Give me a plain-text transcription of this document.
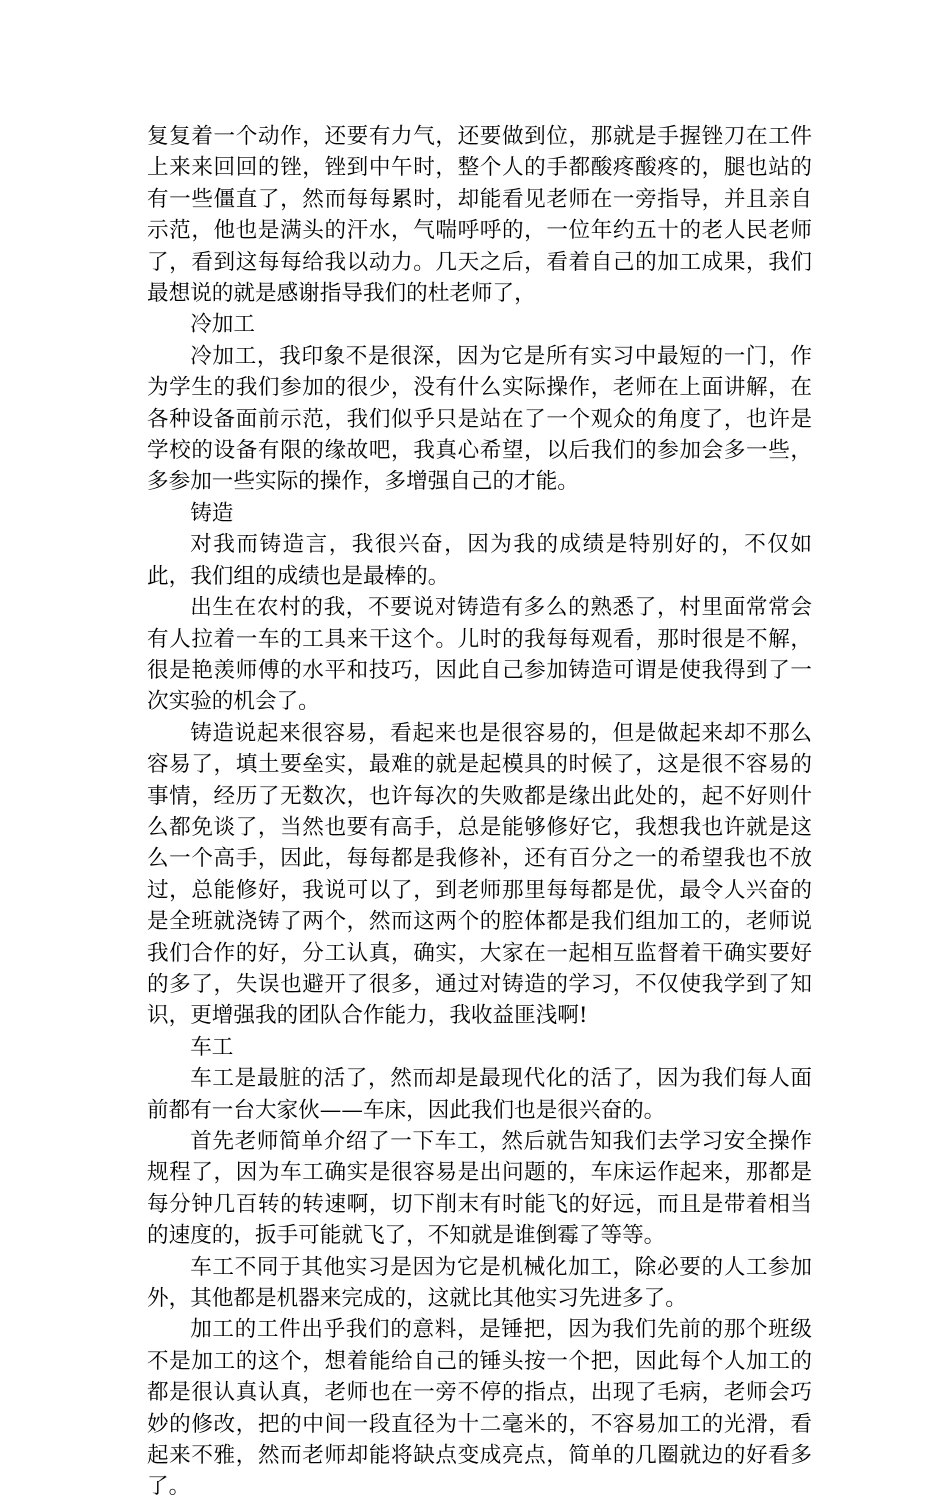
复复着一个动作，还要有力气，还要做到位，那就是手握锉刀在工件上来来回回的锉，锉到中午时，整个人的手都酸疼酸疼的，腿也站的有一些僵直了，然而每每累时，却能看见老师在一旁指导，并且亲自示范，他也是满头的汗水，气喘呼呼的，一位年约五十的老人民老师了，看到这每每给我以动力。几天之后，看着自己的加工成果，我们最想说的就是感谢指导我们的杜老师了，

冷加工

冷加工，我印象不是很深，因为它是所有实习中最短的一门，作为学生的我们参加的很少，没有什么实际操作，老师在上面讲解，在各种设备面前示范，我们似乎只是站在了一个观众的角度了，也许是学校的设备有限的缘故吧，我真心希望，以后我们的参加会多一些，多参加一些实际的操作，多增强自己的才能。

铸造

对我而铸造言，我很兴奋，因为我的成绩是特别好的，不仅如此，我们组的成绩也是最棒的。

出生在农村的我，不要说对铸造有多么的熟悉了，村里面常常会有人拉着一车的工具来干这个。儿时的我每每观看，那时很是不解，很是艳羡师傅的水平和技巧，因此自己参加铸造可谓是使我得到了一次实验的机会了。

铸造说起来很容易，看起来也是很容易的，但是做起来却不那么容易了，填土要垒实，最难的就是起模具的时候了，这是很不容易的事情，经历了无数次，也许每次的失败都是缘出此处的，起不好则什么都免谈了，当然也要有高手，总是能够修好它，我想我也许就是这么一个高手，因此，每每都是我修补，还有百分之一的希望我也不放过，总能修好，我说可以了，到老师那里每每都是优，最令人兴奋的是全班就浇铸了两个，然而这两个的腔体都是我们组加工的，老师说我们合作的好，分工认真，确实，大家在一起相互监督着干确实要好的多了，失误也避开了很多，通过对铸造的学习，不仅使我学到了知识，更增强我的团队合作能力，我收益匪浅啊!

车工

车工是最脏的活了，然而却是最现代化的活了，因为我们每人面前都有一台大家伙——车床，因此我们也是很兴奋的。

首先老师简单介绍了一下车工，然后就告知我们去学习安全操作规程了，因为车工确实是很容易是出问题的，车床运作起来，那都是每分钟几百转的转速啊，切下削末有时能飞的好远，而且是带着相当的速度的，扳手可能就飞了，不知就是谁倒霉了等等。

车工不同于其他实习是因为它是机械化加工，除必要的人工参加外，其他都是机器来完成的，这就比其他实习先进多了。

加工的工件出乎我们的意料，是锤把，因为我们先前的那个班级不是加工的这个，想着能给自己的锤头按一个把，因此每个人加工的都是很认真认真，老师也在一旁不停的指点，出现了毛病，老师会巧妙的修改，把的中间一段直径为十二毫米的，不容易加工的光滑，看起来不雅，然而老师却能将缺点变成亮点，简单的几圈就边的好看多了。
